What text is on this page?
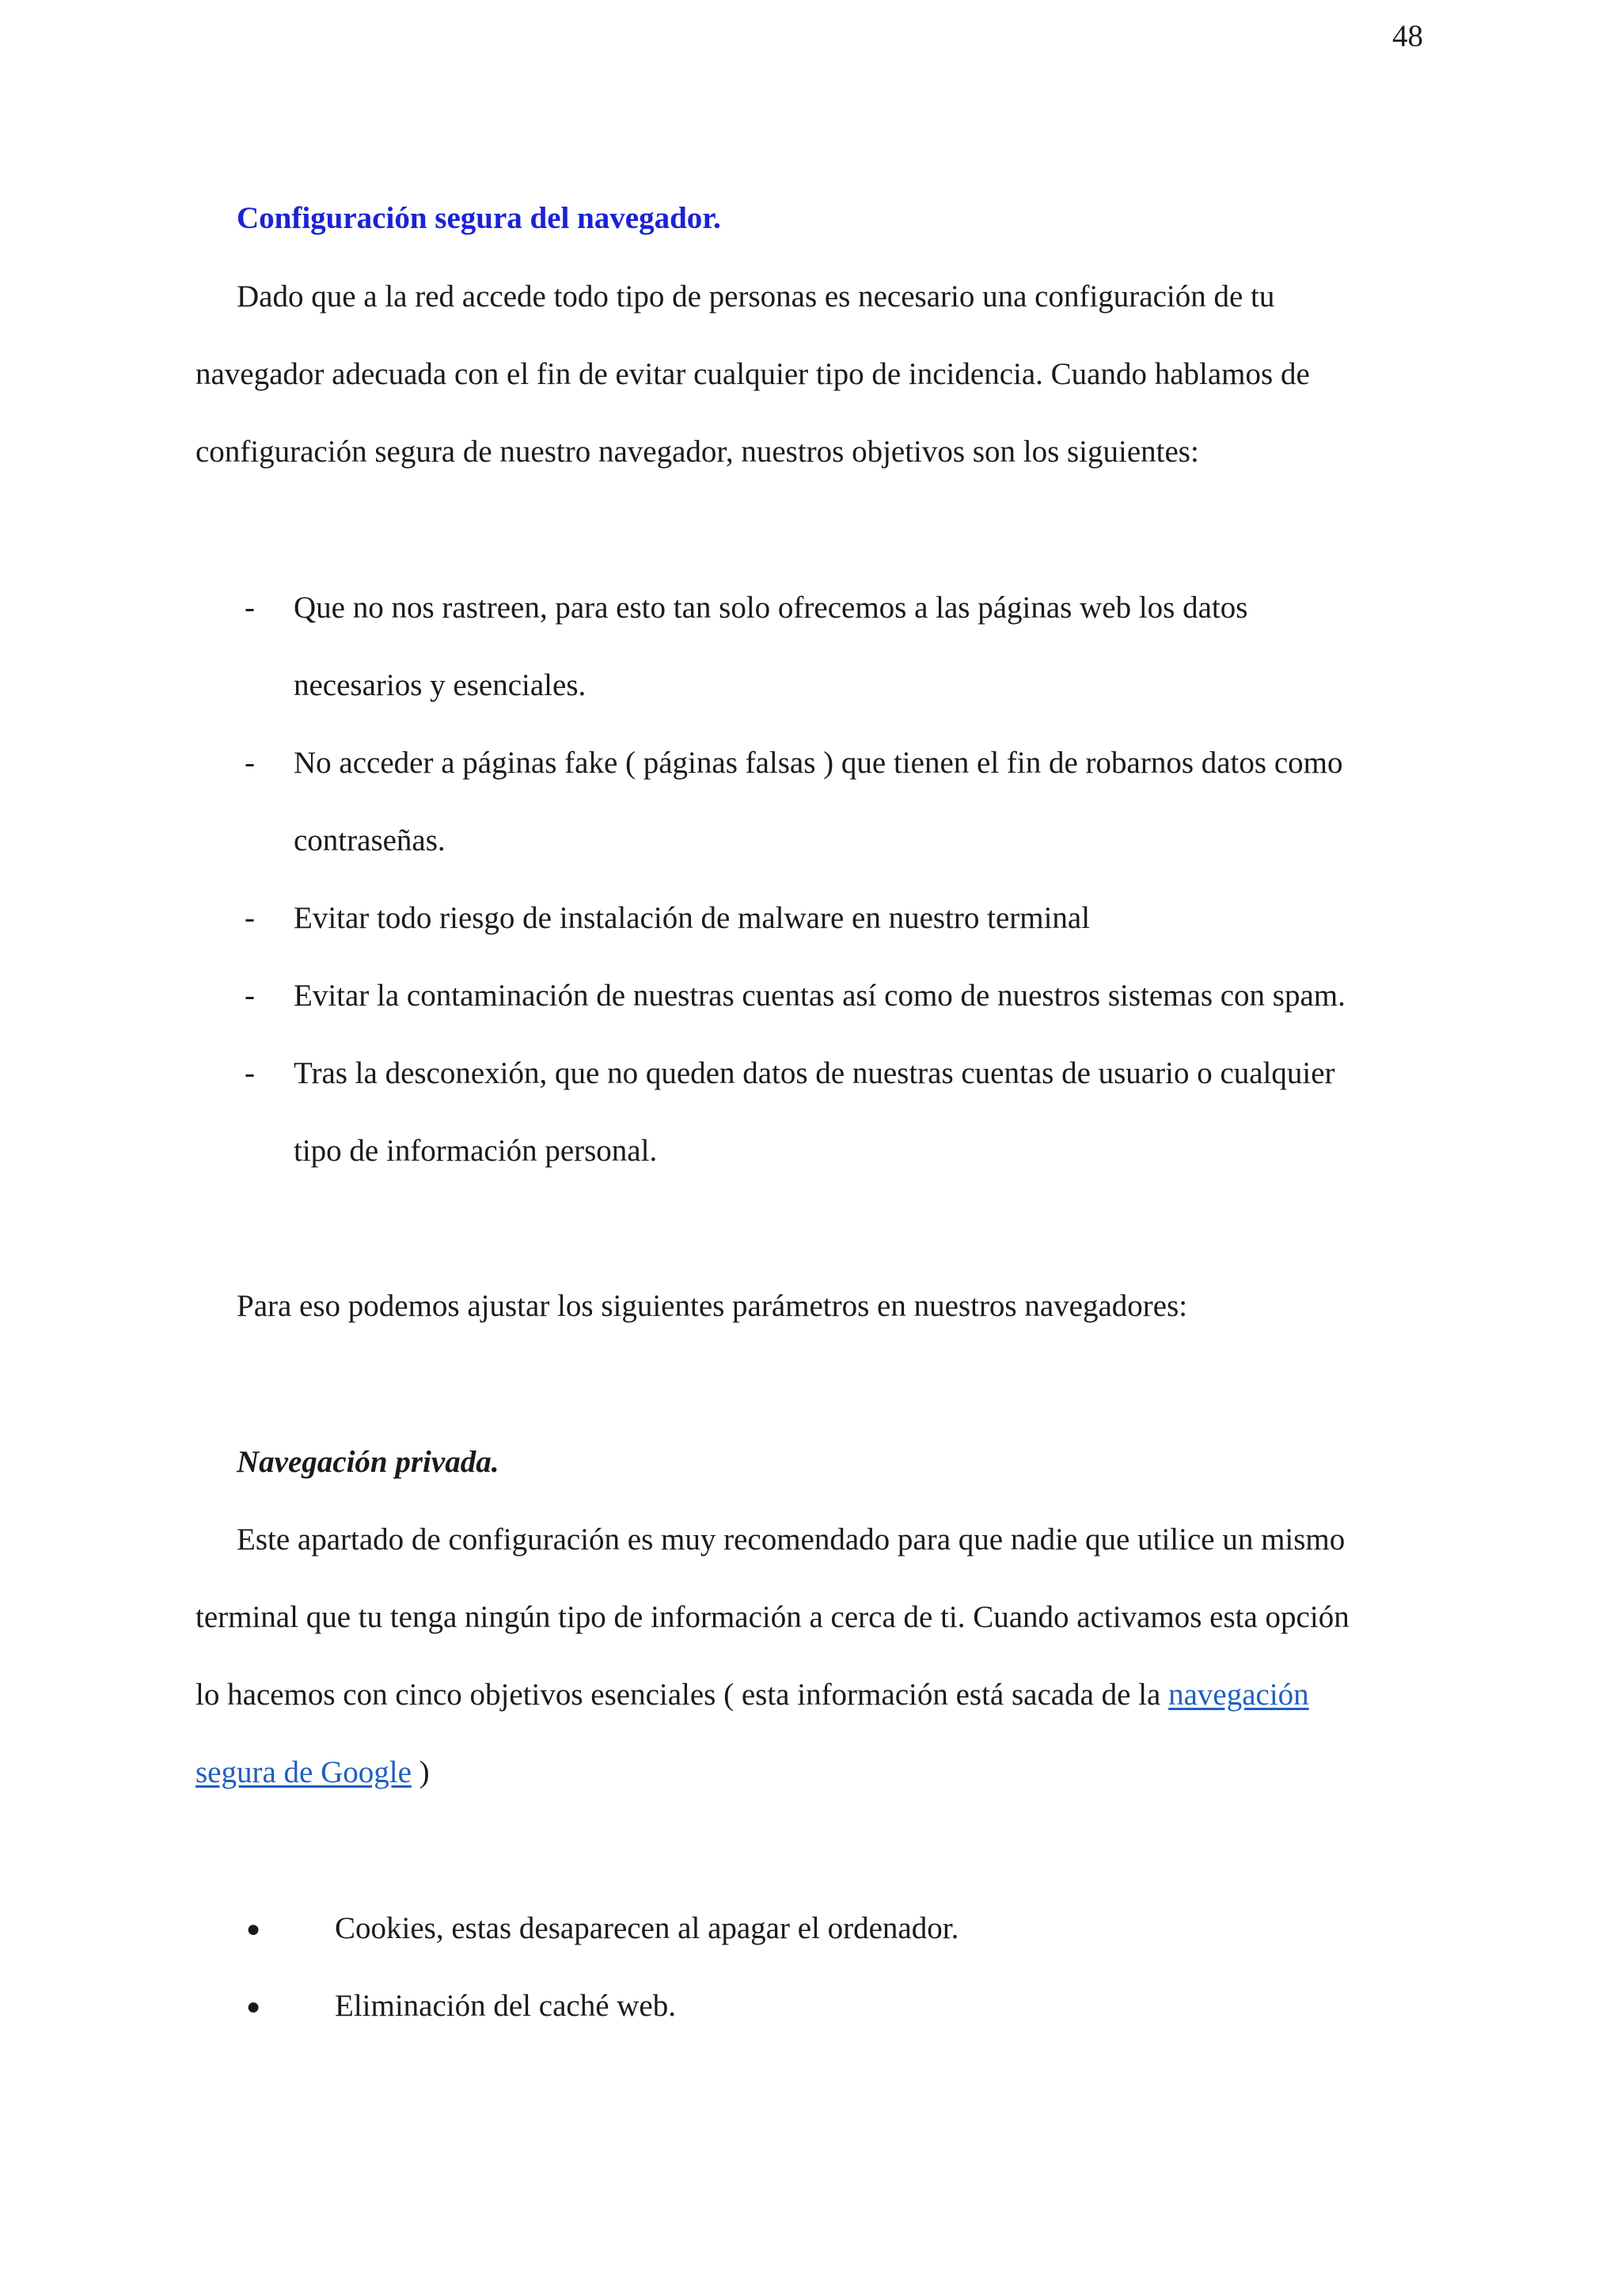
48
Configuración segura del navegador.
Dado que a la red accede todo tipo de personas es necesario una configuración de tu
navegador adecuada con el fin de evitar cualquier tipo de incidencia. Cuando hablamos de
configuración segura de nuestro navegador, nuestros objetivos son los siguientes:
- Que no nos rastreen, para esto tan solo ofrecemos a las páginas web los datos
necesarios y esenciales.
- No acceder a páginas fake ( páginas falsas ) que tienen el fin de robarnos datos como
contraseñas.
- Evitar todo riesgo de instalación de malware en nuestro terminal
- Evitar la contaminación de nuestras cuentas así como de nuestros sistemas con spam.
- Tras la desconexión, que no queden datos de nuestras cuentas de usuario o cualquier
tipo de información personal.
Para eso podemos ajustar los siguientes parámetros en nuestros navegadores:
Navegación privada.
Este apartado de configuración es muy recomendado para que nadie que utilice un mismo
terminal que tu tenga ningún tipo de información a cerca de ti. Cuando activamos esta opción
lo hacemos con cinco objetivos esenciales ( esta información está sacada de la navegación
segura de Google )
● Cookies, estas desaparecen al apagar el ordenador.
● Eliminación del caché web.
